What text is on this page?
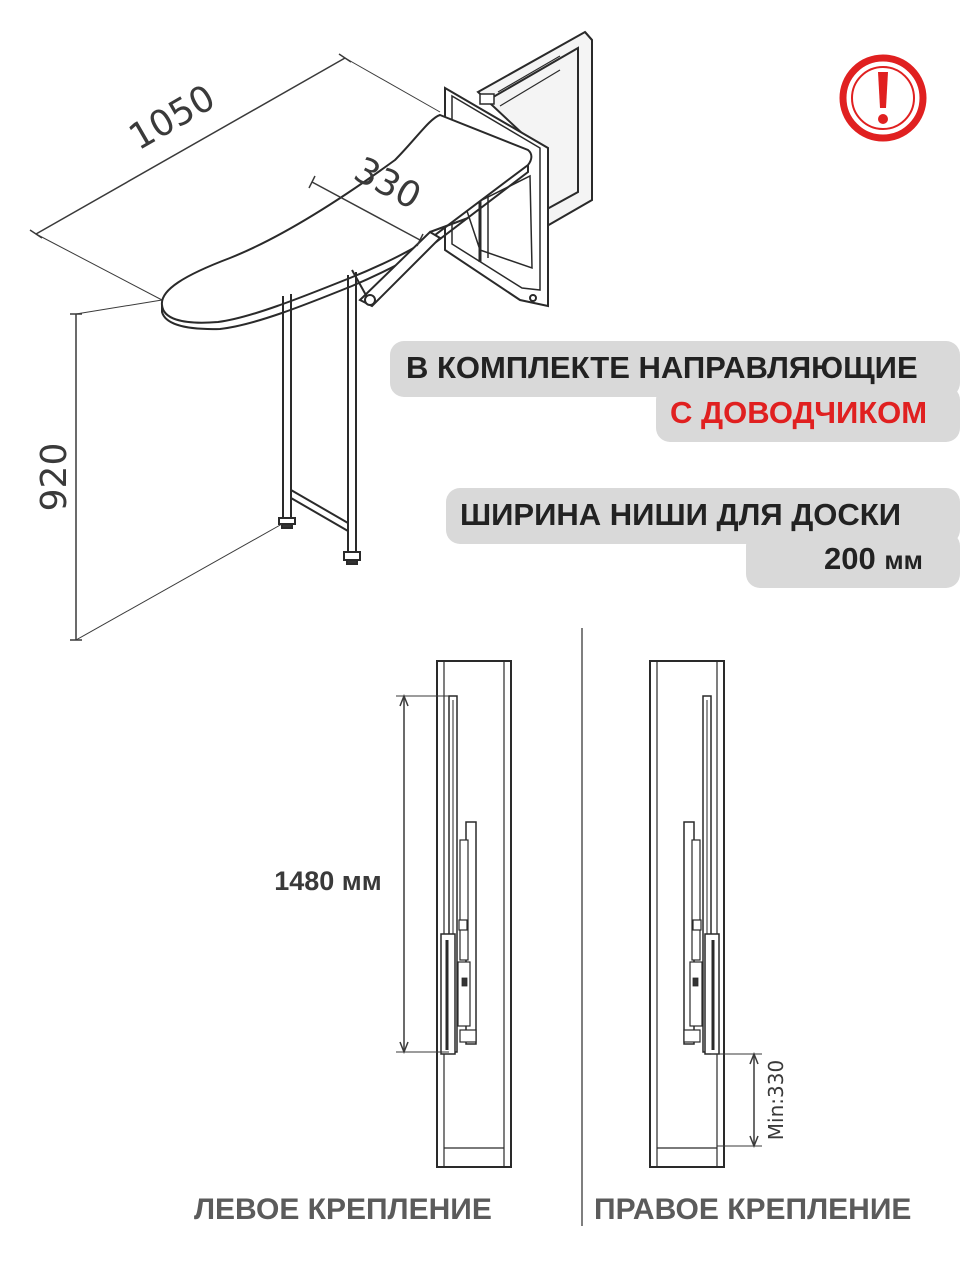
1050
330
920
1480 мм
Min:330
В КОМПЛЕКТЕ НАПРАВЛЯЮЩИЕ
С ДОВОДЧИКОМ
ШИРИНА НИШИ ДЛЯ ДОСКИ
200 мм
ЛЕВОЕ КРЕПЛЕНИЕ	ПРАВОЕ КРЕПЛЕНИЕ
